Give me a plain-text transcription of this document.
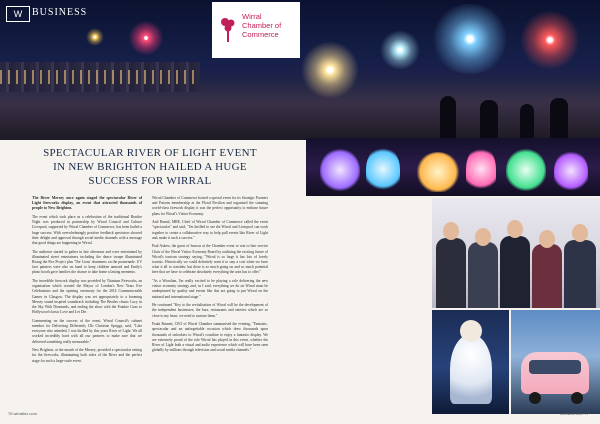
W BUSINESS	Wirral
Chamber of
Commerce
SPECTACULAR RIVER OF LIGHT EVENT
IN NEW BRIGHTON HAILED A HUGE
SUCCESS FOR WIRRAL

The River Mersey once again staged the spectacular River of Light fireworks display, an event that attracted thousands of people to New Brighton.

The event which took place as a celebration of the traditional Bonfire Night was produced in partnership by Wirral Council and Culture Liverpool, supported by Wirral Chamber of Commerce, has been hailed a huge success. With overwhelmingly positive feedback spectators showed their delight and approval through social media channels with a message that good things are happening in Wirral.

The audience started to gather in late afternoon and were entertained by illuminated street entertainers including the dance troupe illuminated Rising the Fire Project plus 'The Lions' drummers on the promenade. UV face painters were also on hand to keep children amused and Emily's photo booth gave families the chance to take home a lasting memento.

The incredible firework display was provided by Titanium Fireworks, an organisation which created the Mayor of London's New Years Eve Celebrations and the opening ceremony for the 2014 Commonwealth Games in Glasgow. The display was set appropriately to a booming Mersey sound inspired soundtrack including The Beatles classic Lucy in the Sky With Diamonds, and ending the show with the Frankie Goes to Hollywood classic Love and Let Die.

Commenting on the success of the event, Wirral Council's cabinet member for Delivering Differently Cllr Christine Spriggs, said, "Like everyone who attended, I was thrilled by this years River of Light. We all worked incredibly hard with all our partners to make sure that we delivered something really memorable."

New Brighton, at the mouth of the Mersey, provided a spectacular setting for the fireworks, illuminating both sides of the River and the perfect stage for such a large-scale event.

Wirral Chamber of Commerce hosted a special event for its Strategic Partners and Patrons membership at the Floral Pavilion and organised the stunning world-class firework display it was the perfect opportunity to enthuse future plans for Wirral's Visitor Economy.

Anil Ramal, MBE, Chief of Wirral Chamber of Commerce called the event "spectacular" and said, "I'm thrilled to see the Wirral and Liverpool can work together to create a collaborative way to help pull events like River of Light and, make it such a success."

Paul Askew, the guest of honour at the Chamber event to win to hier service Chair of the Wirral Visitor Economy Board by outlining the exciting future of Wirral's tourism strategy saying, "Wirral is so large it has lots of lovely tourists. Historically we could definitely want it to stay a cost when we have what it all to consider, but there is so much going on and so much potential here that we have to celebrate absolutely everything the area has to offer."

"As a Wirralian, I'm really excited to be playing a role delivering the new visitor economy strategy and, as I said, everything we do on Wirral must be underpinned by quality and events like this are going to put Wirral on the national and international stage."

He continued "Key to the revitalisation of Wirral will be the development of the independent businesses; the bars, restaurants and eateries which are so close to my heart, we need to nurture them."

Paula Basnett, CEO of Wirral Chamber summarised the evening, "Fantastic, spectacular and an unforgettable occasion which drew thousands upon thousands of onlookers to Wirral's coastline to enjoy a fantastic display. We are extremely proud of the role Wirral has played in this event, whether the River of Light both a visual and audio experience which will have been seen globally by millions through television and social media channels."

76 wirralbiz.com	wirralbiz.com 77
